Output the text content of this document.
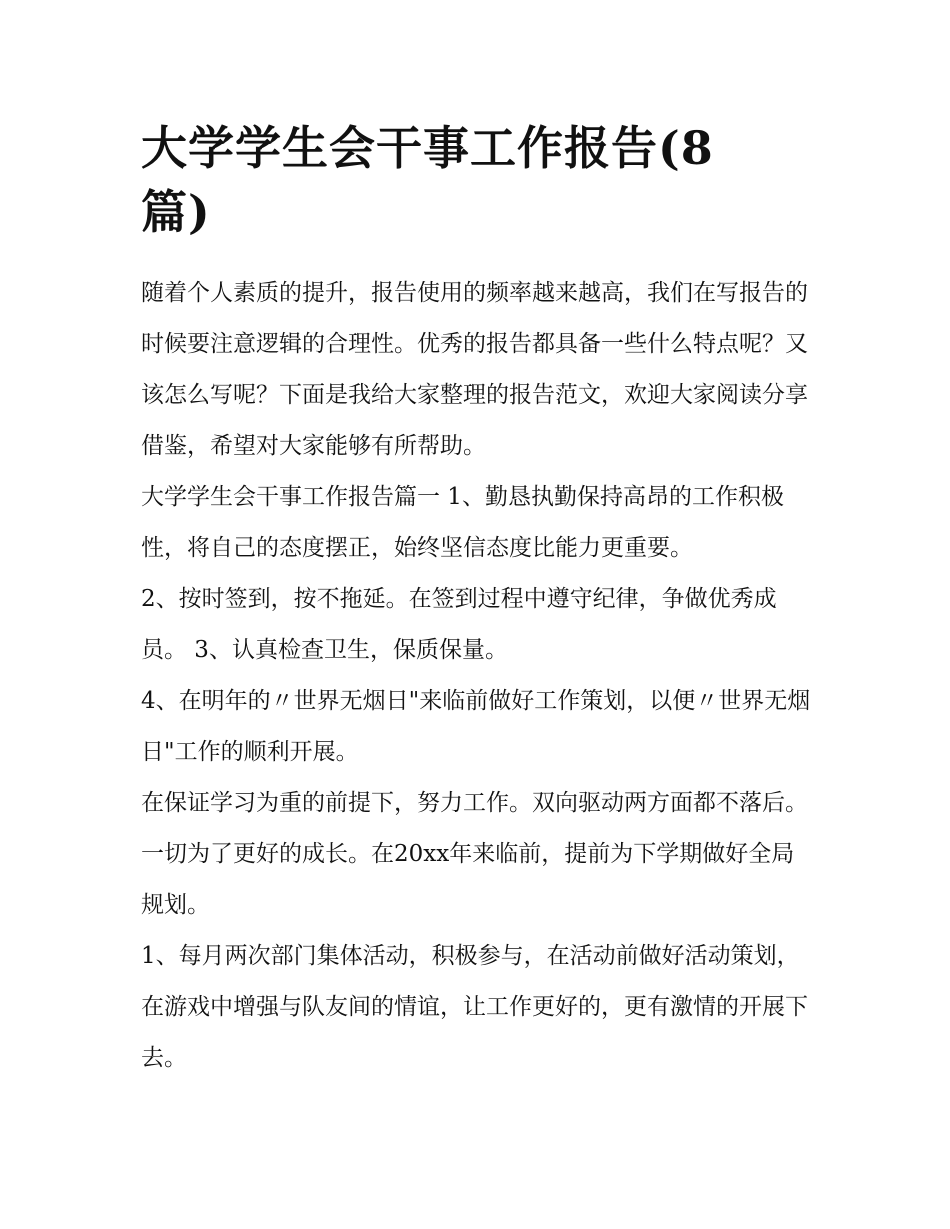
大学学生会干事工作报告(8篇)

随着个人素质的提升，报告使用的频率越来越高，我们在写报告的时候要注意逻辑的合理性。优秀的报告都具备一些什么特点呢？又该怎么写呢？下面是我给大家整理的报告范文，欢迎大家阅读分享借鉴，希望对大家能够有所帮助。

大学学生会干事工作报告篇一 1、勤恳执勤保持高昂的工作积极性，将自己的态度摆正，始终坚信态度比能力更重要。

2、按时签到，按不拖延。在签到过程中遵守纪律，争做优秀成员。 3、认真检查卫生，保质保量。

4、在明年的〃世界无烟日"来临前做好工作策划，以便〃世界无烟日"工作的顺利开展。

在保证学习为重的前提下，努力工作。双向驱动两方面都不落后。一切为了更好的成长。在20xx年来临前，提前为下学期做好全局规划。

1、每月两次部门集体活动，积极参与，在活动前做好活动策划，在游戏中增强与队友间的情谊，让工作更好的，更有激情的开展下去。
